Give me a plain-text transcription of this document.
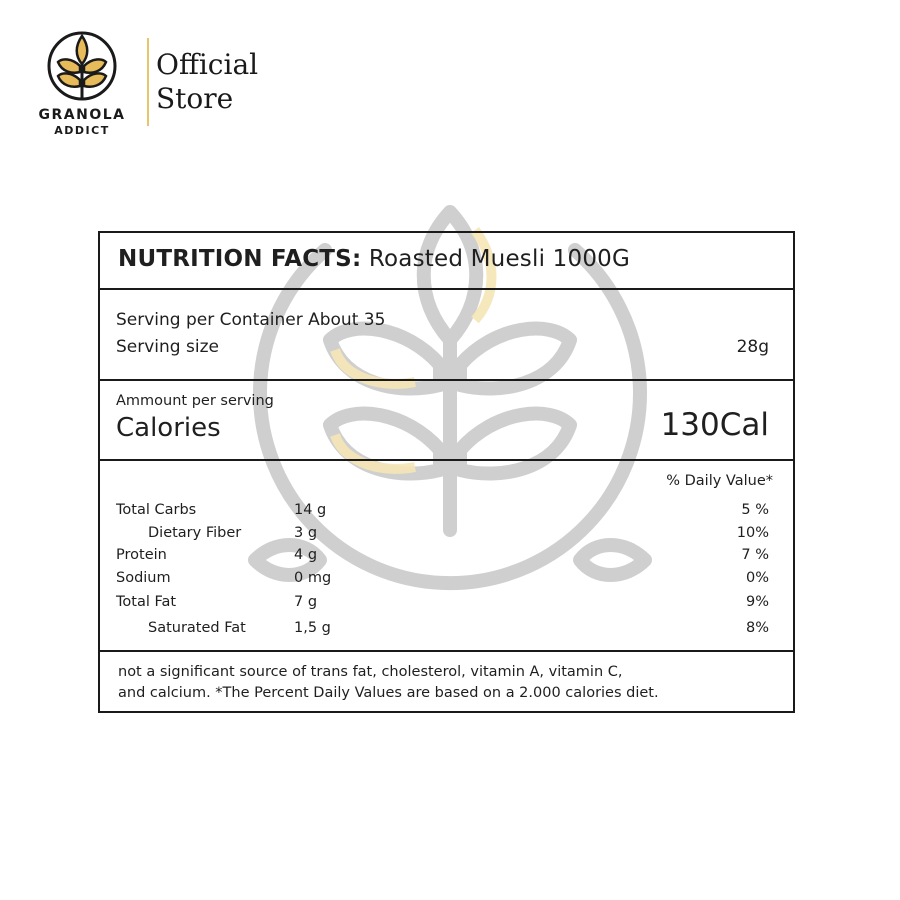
GRANOLA
ADDICT
Official
Store
NUTRITION FACTS: Roasted Muesli 1000G
Serving per Container About 35
Serving size	28g
Ammount per serving
Calories	130Cal
% Daily Value*
Total Carbs	14 g	5 %
Dietary Fiber	3 g	10%
Protein	4 g	7 %
Sodium	0 mg	0%
Total Fat	7 g	9%
Saturated Fat	1,5 g	8%
not a significant source of trans fat, cholesterol, vitamin A, vitamin C,
and calcium. *The Percent Daily Values are based on a 2.000 calories diet.
